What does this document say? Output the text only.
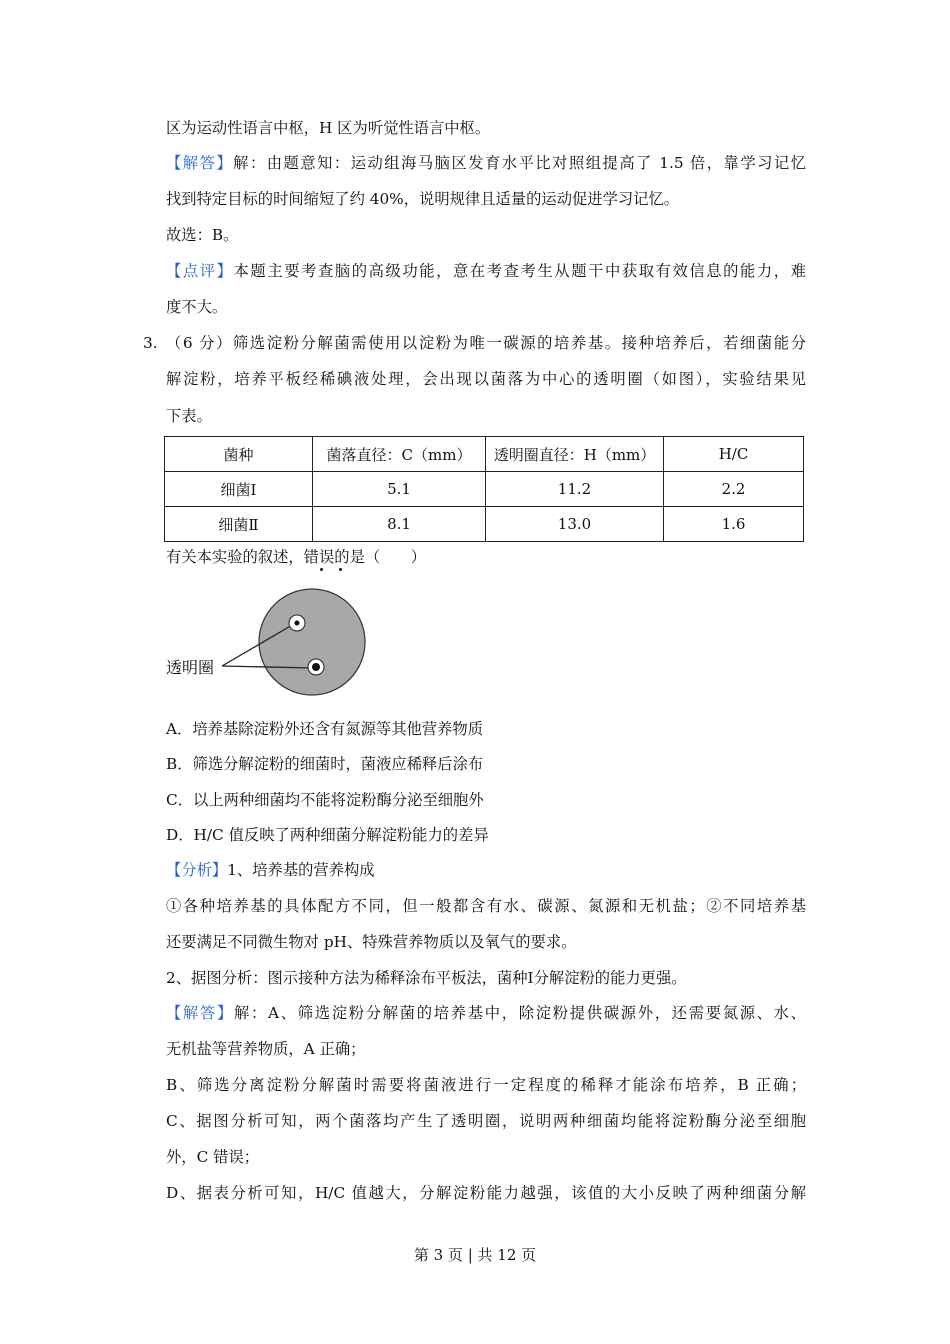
区为运动性语言中枢，H 区为听觉性语言中枢。
【解答】解：由题意知：运动组海马脑区发育水平比对照组提高了 1.5 倍，靠学习记忆
找到特定目标的时间缩短了约 40%，说明规律且适量的运动促进学习记忆。
故选：B。
【点评】本题主要考查脑的高级功能，意在考查考生从题干中获取有效信息的能力，难
度不大。
3. （6 分）筛选淀粉分解菌需使用以淀粉为唯一碳源的培养基。接种培养后，若细菌能分
解淀粉，培养平板经稀碘液处理，会出现以菌落为中心的透明圈（如图），实验结果见
下表。
菌种	菌落直径：C（mm）	透明圈直径：H（mm）	H/C
细菌Ⅰ	5.1	11.2	2.2
细菌Ⅱ	8.1	13.0	1.6
有关本实验的叙述，错误的是（　　）
透明圈
A．培养基除淀粉外还含有氮源等其他营养物质
B．筛选分解淀粉的细菌时，菌液应稀释后涂布
C．以上两种细菌均不能将淀粉酶分泌至细胞外
D．H/C 值反映了两种细菌分解淀粉能力的差异
【分析】1、培养基的营养构成
①各种培养基的具体配方不同，但一般都含有水、碳源、氮源和无机盐；②不同培养基
还要满足不同微生物对 pH、特殊营养物质以及氧气的要求。
2、据图分析：图示接种方法为稀释涂布平板法，菌种Ⅰ分解淀粉的能力更强。
【解答】解：A、筛选淀粉分解菌的培养基中，除淀粉提供碳源外，还需要氮源、水、
无机盐等营养物质，A 正确；
B、筛选分离淀粉分解菌时需要将菌液进行一定程度的稀释才能涂布培养，B 正确；
C、据图分析可知，两个菌落均产生了透明圈，说明两种细菌均能将淀粉酶分泌至细胞
外，C 错误；
D、据表分析可知，H/C 值越大，分解淀粉能力越强，该值的大小反映了两种细菌分解
第 3 页 | 共 12 页
